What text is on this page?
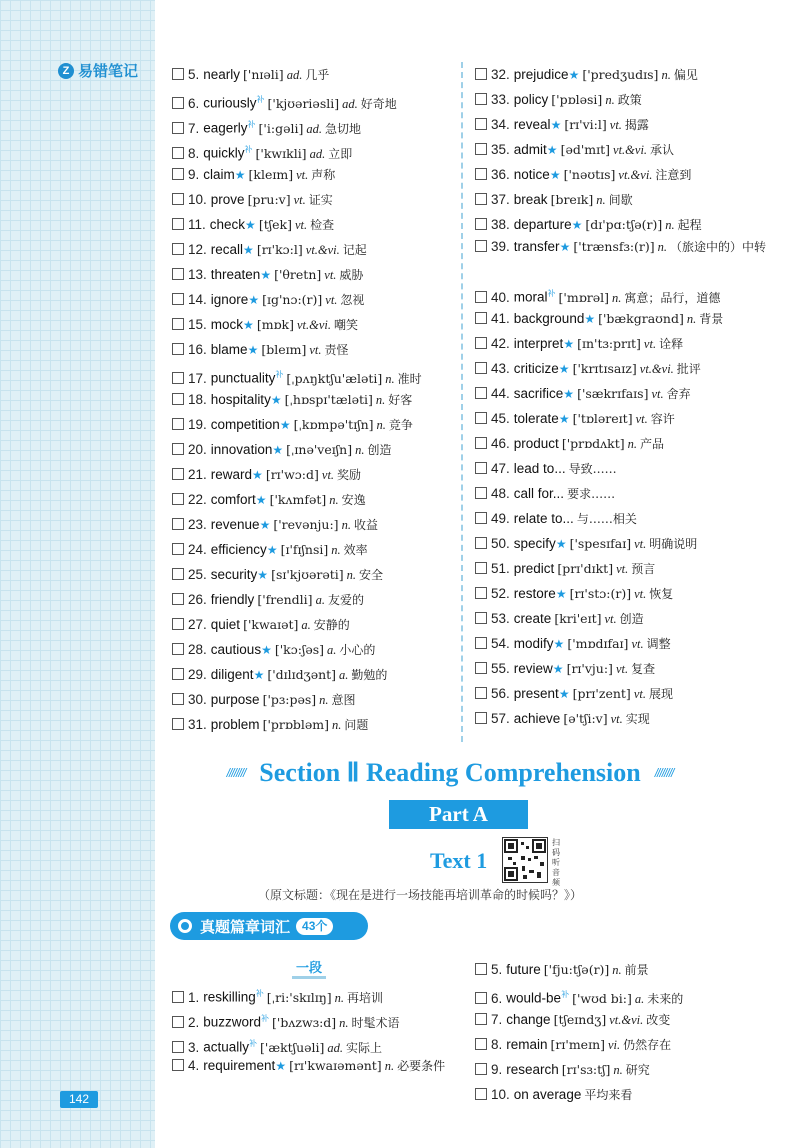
Z 易错笔记	5. nearly ['nɪəli] ad. 几乎
6. curiously$^补$ ['kjʊəriəsli] ad. 好奇地
7. eagerly$^补$ ['i:gəli] ad. 急切地
8. quickly$^补$ ['kwɪkli] ad. 立即
9. claim★ [kleɪm] vt. 声称
10. prove [pru:v] vt. 证实
11. check★ [tʃek] vt. 检查
12. recall★ [rɪ'kɔ:l] vt.&vi. 记起
13. threaten★ ['θretn] vt. 威胁
14. ignore★ [ɪg'nɔ:(r)] vt. 忽视
15. mock★ [mɒk] vt.&vi. 嘲笑
16. blame★ [bleɪm] vt. 责怪
17. punctuality$^补$ [ˌpʌŋktʃu'æləti] n. 准时
18. hospitality★ [ˌhɒspɪ'tæləti] n. 好客
19. competition★ [ˌkɒmpə'tɪʃn] n. 竞争
20. innovation★ [ˌɪnə'veɪʃn] n. 创造
21. reward★ [rɪ'wɔ:d] vt. 奖励
22. comfort★ ['kʌmfət] n. 安逸
23. revenue★ ['revənju:] n. 收益
24. efficiency★ [ɪ'fɪʃnsi] n. 效率
25. security★ [sɪ'kjʊərəti] n. 安全
26. friendly ['frendli] a. 友爱的
27. quiet ['kwaɪət] a. 安静的
28. cautious★ ['kɔ:ʃəs] a. 小心的
29. diligent★ ['dɪlɪdʒənt] a. 勤勉的
30. purpose ['pɜ:pəs] n. 意图
31. problem ['prɒbləm] n. 问题
32. prejudice★ ['predʒudɪs] n. 偏见
33. policy ['pɒləsi] n. 政策
34. reveal★ [rɪ'vi:l] vt. 揭露
35. admit★ [əd'mɪt] vt.&vi. 承认
36. notice★ ['nəʊtɪs] vt.&vi. 注意到
37. break [breɪk] n. 间歇
38. departure★ [dɪ'pɑ:tʃə(r)] n. 起程
39. transfer★ ['trænsfɜ:(r)] n. （旅途中的）中转
40. moral$^补$ ['mɒrəl] n. 寓意；品行，道德
41. background★ ['bækgraʊnd] n. 背景
42. interpret★ [ɪn'tɜ:prɪt] vt. 诠释
43. criticize★ ['krɪtɪsaɪz] vt.&vi. 批评
44. sacrifice★ ['sækrɪfaɪs] vt. 舍弃
45. tolerate★ ['tɒləreɪt] vt. 容许
46. product ['prɒdʌkt] n. 产品
47. lead to... 导致……
48. call for... 要求……
49. relate to... 与……相关
50. specify★ ['spesɪfaɪ] vt. 明确说明
51. predict [prɪ'dɪkt] vt. 预言
52. restore★ [rɪ'stɔ:(r)] vt. 恢复
53. create [kri'eɪt] vt. 创造
54. modify★ ['mɒdɪfaɪ] vt. 调整
55. review★ [rɪ'vju:] vt. 复查
56. present★ [prɪ'zent] vt. 展现
57. achieve [ə'tʃi:v] vt. 实现
//////// Section Ⅱ Reading Comprehension ////////
Part A
Text 1
扫码听音频
（原文标题：《现在是进行一场技能再培训革命的时候吗？》）
真题篇章词汇	43个
一段
1. reskilling$^补$ [ˌri:'skɪlɪŋ] n. 再培训
2. buzzword$^补$ ['bʌzwɜ:d] n. 时髦术语
3. actually$^补$ ['æktʃuəli] ad. 实际上
4. requirement★ [rɪ'kwaɪəmənt] n. 必要条件
5. future ['fju:tʃə(r)] n. 前景
6. would-$be^补$ ['wʊd bi:] a. 未来的
7. change [tʃeɪndʒ] vt.&vi. 改变
8. remain [rɪ'meɪn] vi. 仍然存在
9. research [rɪ'sɜ:tʃ] n. 研究
10. on average 平均来看
142
